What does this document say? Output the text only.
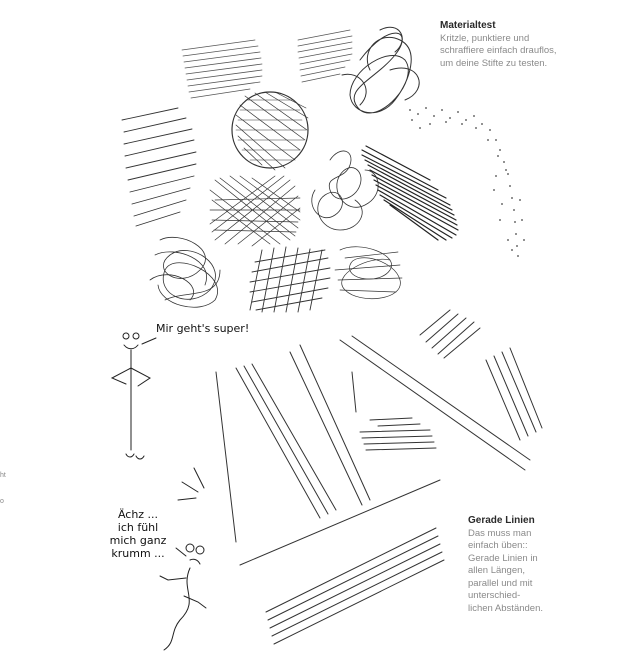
Materialtest
Kritzle, punktiere und
schraffiere einfach drauflos,
um deine Stifte zu testen.
Gerade Linien
Das muss man
einfach üben::
Gerade Linien in
allen Längen,
parallel und mit
unterschied-
lichen Abständen.
Mir geht's super!
Ächz ...
ich fühl
mich ganz
krumm ...
ht
o
